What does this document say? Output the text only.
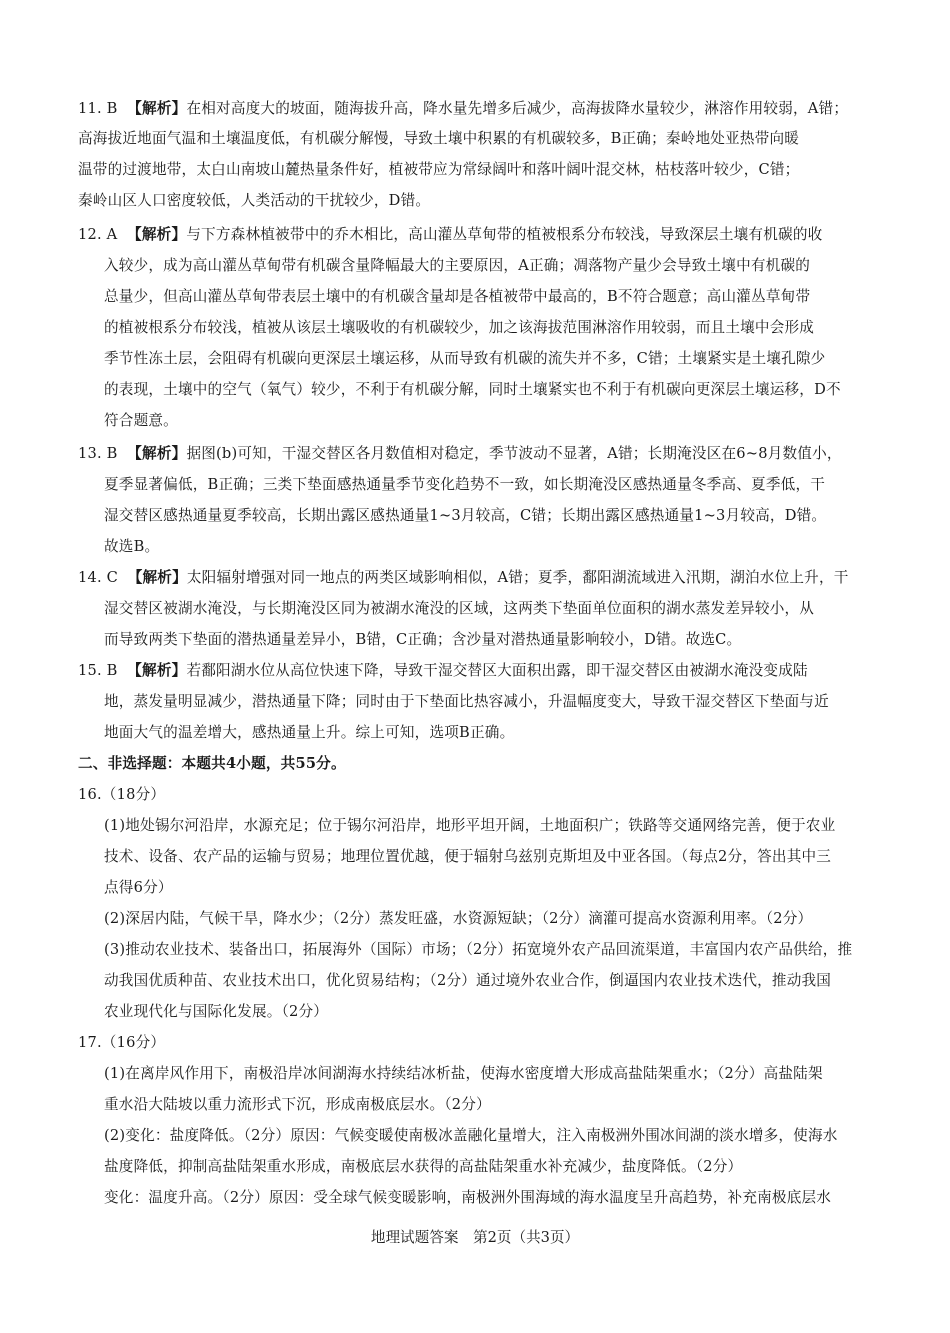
11. B 【解析】在相对高度大的坡面，随海拔升高，降水量先增多后减少，高海拔降水量较少，淋溶作用较弱，A错；
高海拔近地面气温和土壤温度低，有机碳分解慢，导致土壤中积累的有机碳较多，B正确；秦岭地处亚热带向暖
温带的过渡地带，太白山南坡山麓热量条件好，植被带应为常绿阔叶和落叶阔叶混交林，枯枝落叶较少，C错；
秦岭山区人口密度较低，人类活动的干扰较少，D错。
12. A 【解析】与下方森林植被带中的乔木相比，高山灌丛草甸带的植被根系分布较浅，导致深层土壤有机碳的收
入较少，成为高山灌丛草甸带有机碳含量降幅最大的主要原因，A正确；凋落物产量少会导致土壤中有机碳的
总量少，但高山灌丛草甸带表层土壤中的有机碳含量却是各植被带中最高的，B不符合题意；高山灌丛草甸带
的植被根系分布较浅，植被从该层土壤吸收的有机碳较少，加之该海拔范围淋溶作用较弱，而且土壤中会形成
季节性冻土层，会阻碍有机碳向更深层土壤运移，从而导致有机碳的流失并不多，C错；土壤紧实是土壤孔隙少
的表现，土壤中的空气（氧气）较少，不利于有机碳分解，同时土壤紧实也不利于有机碳向更深层土壤运移，D不
符合题意。
13. B 【解析】据图(b)可知，干湿交替区各月数值相对稳定，季节波动不显著，A错；长期淹没区在6~8月数值小，
夏季显著偏低，B正确；三类下垫面感热通量季节变化趋势不一致，如长期淹没区感热通量冬季高、夏季低，干
湿交替区感热通量夏季较高，长期出露区感热通量1~3月较高，C错；长期出露区感热通量1~3月较高，D错。
故选B。
14. C 【解析】太阳辐射增强对同一地点的两类区域影响相似，A错；夏季，鄱阳湖流域进入汛期，湖泊水位上升，干
湿交替区被湖水淹没，与长期淹没区同为被湖水淹没的区域，这两类下垫面单位面积的湖水蒸发差异较小，从
而导致两类下垫面的潜热通量差异小，B错，C正确；含沙量对潜热通量影响较小，D错。故选C。
15. B 【解析】若鄱阳湖水位从高位快速下降，导致干湿交替区大面积出露，即干湿交替区由被湖水淹没变成陆
地，蒸发量明显减少，潜热通量下降；同时由于下垫面比热容减小，升温幅度变大，导致干湿交替区下垫面与近
地面大气的温差增大，感热通量上升。综上可知，选项B正确。
二、非选择题：本题共4小题，共55分。
16.（18分）
(1)地处锡尔河沿岸，水源充足；位于锡尔河沿岸，地形平坦开阔，土地面积广；铁路等交通网络完善，便于农业
技术、设备、农产品的运输与贸易；地理位置优越，便于辐射乌兹别克斯坦及中亚各国。（每点2分，答出其中三
点得6分）
(2)深居内陆，气候干旱，降水少；（2分）蒸发旺盛，水资源短缺；（2分）滴灌可提高水资源利用率。（2分）
(3)推动农业技术、装备出口，拓展海外（国际）市场；（2分）拓宽境外农产品回流渠道，丰富国内农产品供给，推
动我国优质种苗、农业技术出口，优化贸易结构；（2分）通过境外农业合作，倒逼国内农业技术迭代，推动我国
农业现代化与国际化发展。（2分）
17.（16分）
(1)在离岸风作用下，南极沿岸冰间湖海水持续结冰析盐，使海水密度增大形成高盐陆架重水；（2分）高盐陆架
重水沿大陆坡以重力流形式下沉，形成南极底层水。（2分）
(2)变化：盐度降低。（2分）原因：气候变暖使南极冰盖融化量增大，注入南极洲外围冰间湖的淡水增多，使海水
盐度降低，抑制高盐陆架重水形成，南极底层水获得的高盐陆架重水补充减少，盐度降低。（2分）
变化：温度升高。（2分）原因：受全球气候变暖影响，南极洲外围海域的海水温度呈升高趋势，补充南极底层水
地理试题答案　第2页（共3页）
